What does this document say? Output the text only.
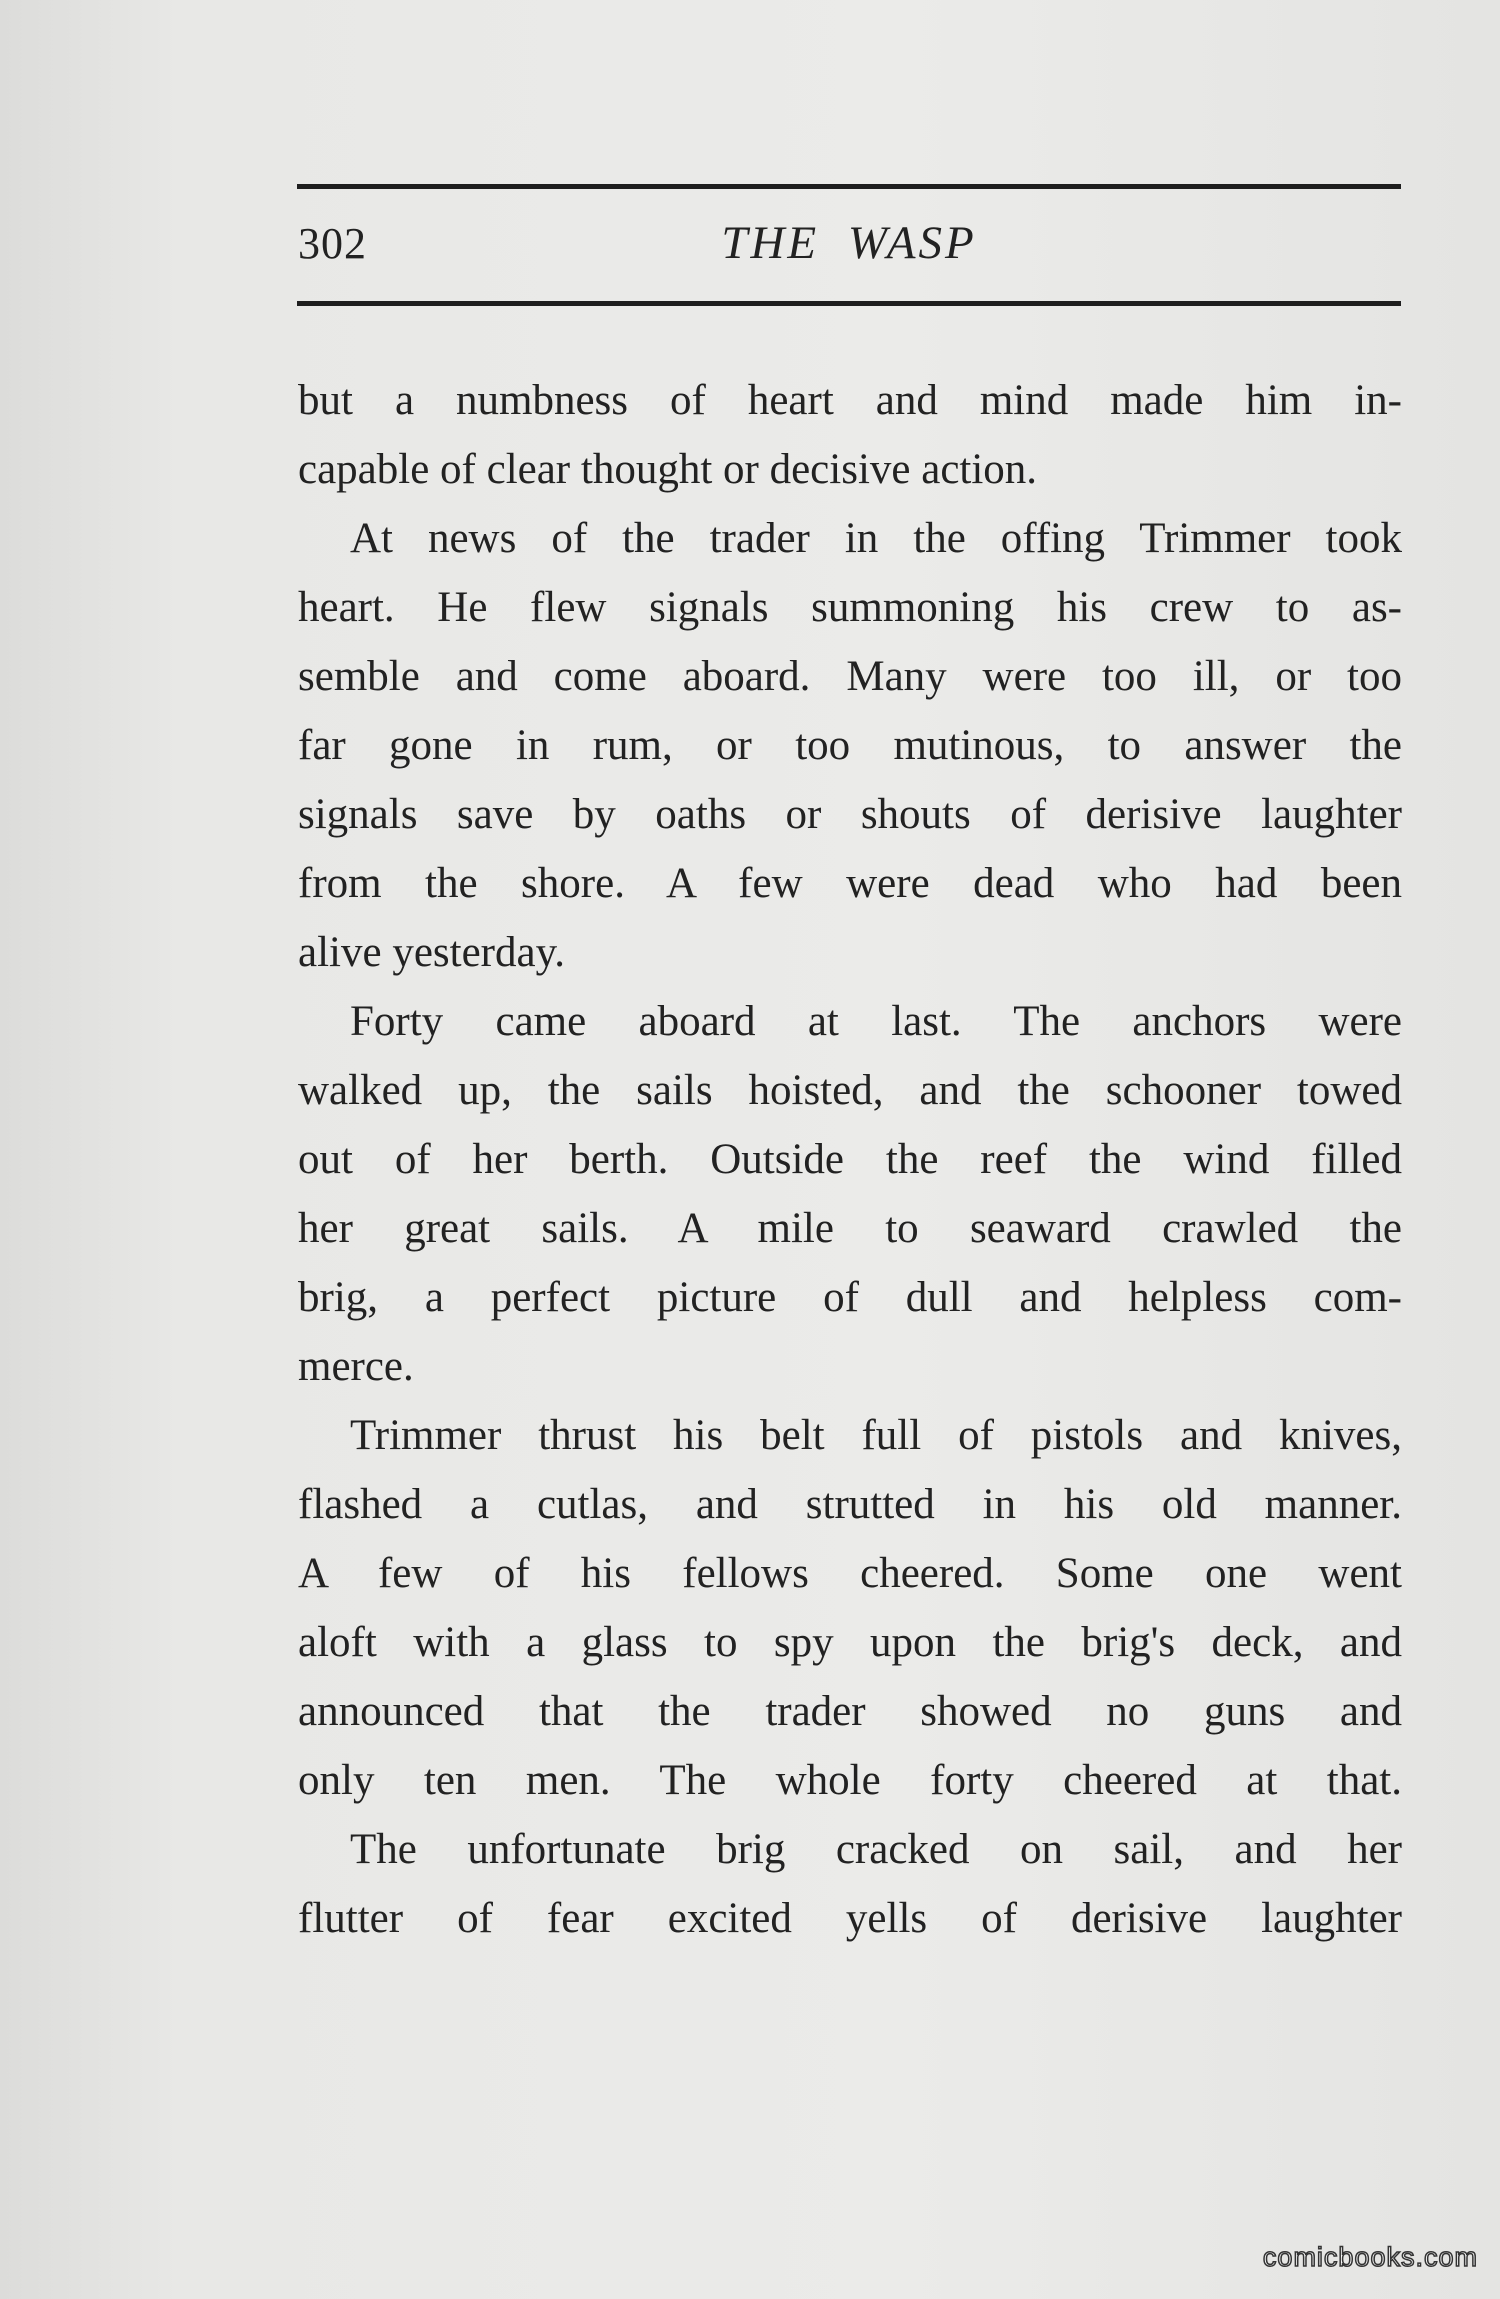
302	THE WASP
but a numbness of heart and mind made him in-
capable of clear thought or decisive action.
At news of the trader in the offing Trimmer took
heart. He flew signals summoning his crew to as-
semble and come aboard. Many were too ill, or too
far gone in rum, or too mutinous, to answer the
signals save by oaths or shouts of derisive laughter
from the shore. A few were dead who had been
alive yesterday.
Forty came aboard at last. The anchors were
walked up, the sails hoisted, and the schooner towed
out of her berth. Outside the reef the wind filled
her great sails. A mile to seaward crawled the
brig, a perfect picture of dull and helpless com-
merce.
Trimmer thrust his belt full of pistols and knives,
flashed a cutlas, and strutted in his old manner.
A few of his fellows cheered. Some one went
aloft with a glass to spy upon the brig's deck, and
announced that the trader showed no guns and
only ten men. The whole forty cheered at that.
The unfortunate brig cracked on sail, and her
flutter of fear excited yells of derisive laughter
comicbooks.com
